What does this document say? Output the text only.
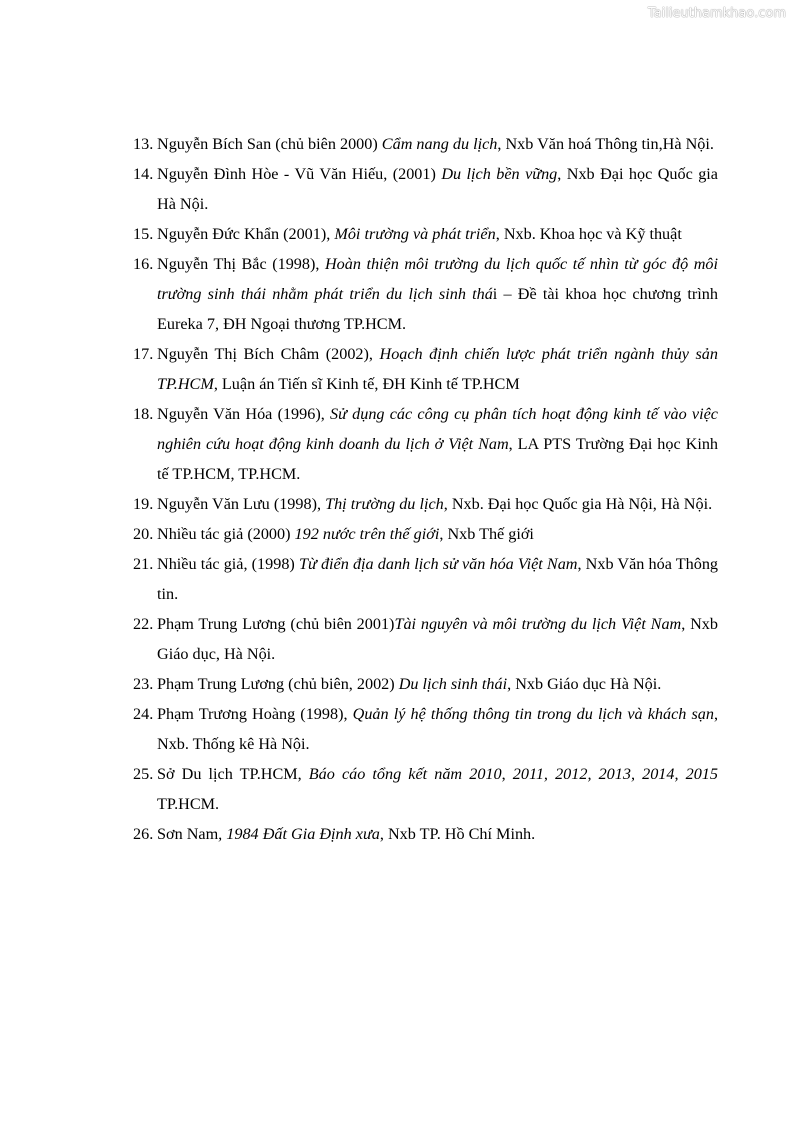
Tailieuthamkhao.com
13. Nguyễn Bích San (chủ biên 2000) Cẩm nang du lịch, Nxb Văn hoá Thông tin,Hà Nội.
14. Nguyễn Đình Hòe - Vũ Văn Hiếu, (2001) Du lịch bền vững, Nxb Đại học Quốc gia Hà Nội.
15. Nguyễn Đức Khẩn (2001), Môi trường và phát triển, Nxb. Khoa học và Kỹ thuật
16. Nguyễn Thị Bắc (1998), Hoàn thiện môi trường du lịch quốc tế nhìn từ góc độ môi trường sinh thái nhằm phát triển du lịch sinh thái – Đề tài khoa học chương trình Eureka 7, ĐH Ngoại thương TP.HCM.
17. Nguyễn Thị Bích Châm (2002), Hoạch định chiến lược phát triển ngành thủy sản TP.HCM, Luận án Tiến sĩ Kinh tế, ĐH Kinh tế TP.HCM
18. Nguyễn Văn Hóa (1996), Sử dụng các công cụ phân tích hoạt động kinh tế vào việc nghiên cứu hoạt động kinh doanh du lịch ở Việt Nam, LA PTS Trường Đại học Kinh tế TP.HCM, TP.HCM.
19. Nguyễn Văn Lưu (1998), Thị trường du lịch, Nxb. Đại học Quốc gia Hà Nội, Hà Nội.
20. Nhiều tác giả (2000) 192 nước trên thế giới, Nxb Thế giới
21. Nhiều tác giả, (1998) Từ điển địa danh lịch sử văn hóa Việt Nam, Nxb Văn hóa Thông tin.
22. Phạm Trung Lương (chủ biên 2001)Tài nguyên và môi trường du lịch Việt Nam, Nxb Giáo dục, Hà Nội.
23. Phạm Trung Lương (chủ biên, 2002) Du lịch sinh thái, Nxb Giáo dục Hà Nội.
24. Phạm Trương Hoàng (1998), Quản lý hệ thống thông tin trong du lịch và khách sạn, Nxb. Thống kê Hà Nội.
25. Sở Du lịch TP.HCM, Báo cáo tổng kết năm 2010, 2011, 2012, 2013, 2014, 2015 TP.HCM.
26. Sơn Nam, 1984 Đất Gia Định xưa, Nxb TP. Hồ Chí Minh.
